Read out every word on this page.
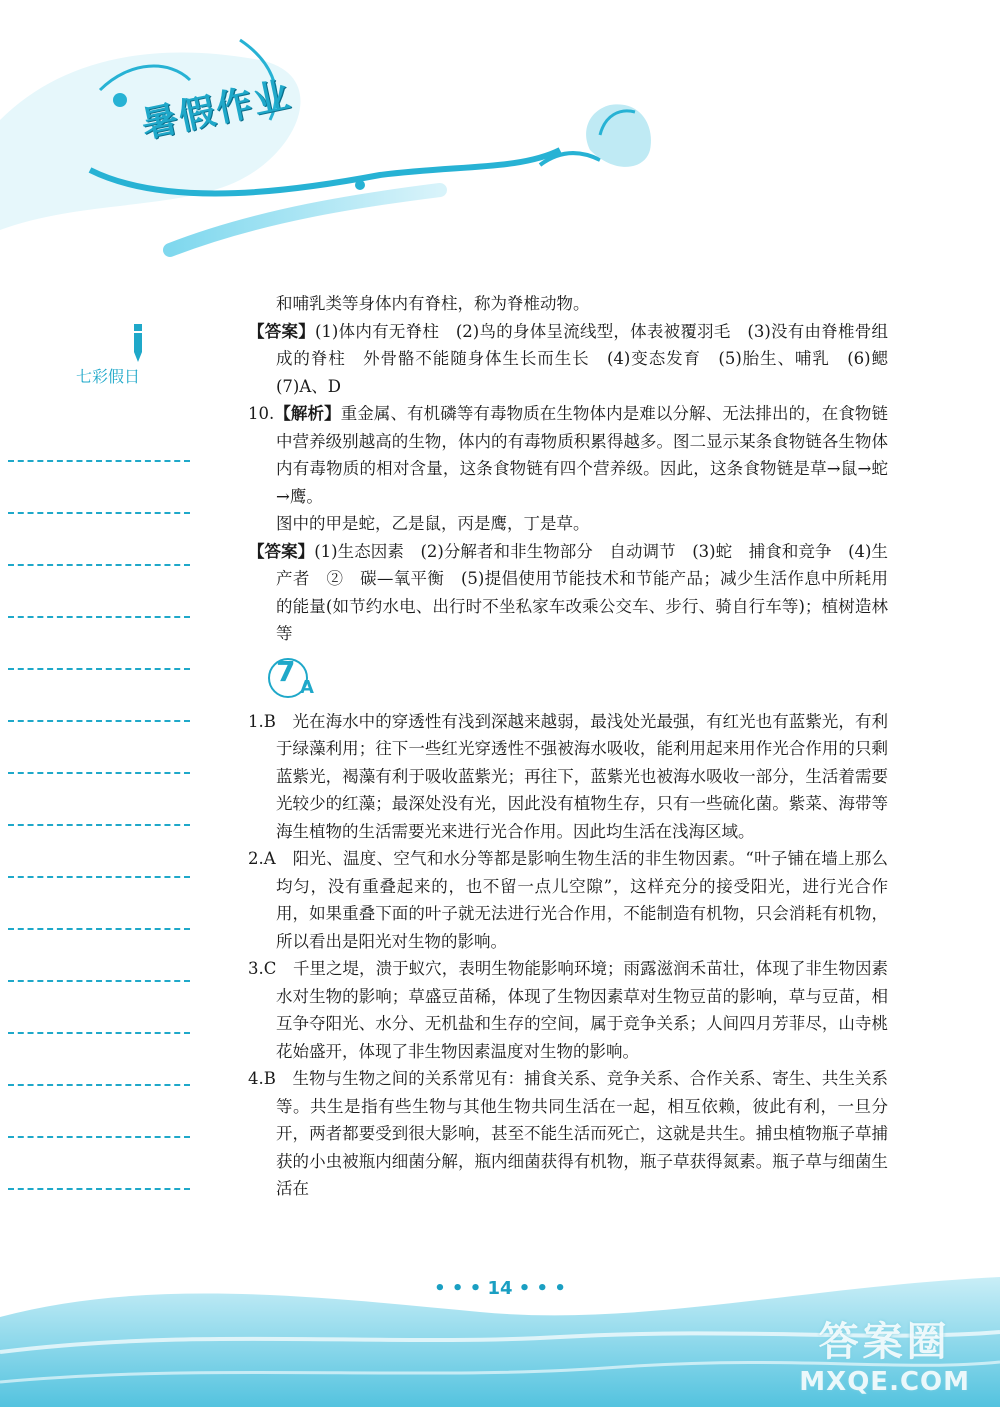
暑假作业
七彩假日

和哺乳类等身体内有脊柱，称为脊椎动物。

【答案】(1)体内有无脊柱　(2)鸟的身体呈流线型，体表被覆羽毛　(3)没有由脊椎骨组成的脊柱　外骨骼不能随身体生长而生长　(4)变态发育　(5)胎生、哺乳　(6)鳃　(7)A、D

10.【解析】重金属、有机磷等有毒物质在生物体内是难以分解、无法排出的，在食物链中营养级别越高的生物，体内的有毒物质积累得越多。图二显示某条食物链各生物体内有毒物质的相对含量，这条食物链有四个营养级。因此，这条食物链是草→鼠→蛇→鹰。

图中的甲是蛇，乙是鼠，丙是鹰，丁是草。

【答案】(1)生态因素　(2)分解者和非生物部分　自动调节　(3)蛇　捕食和竞争　(4)生产者　②　碳—氧平衡　(5)提倡使用节能技术和节能产品；减少生活作息中所耗用的能量(如节约水电、出行时不坐私家车改乘公交车、步行、骑自行车等)；植树造林等

7 A

1.B　 光在海水中的穿透性有浅到深越来越弱，最浅处光最强，有红光也有蓝紫光，有利于绿藻利用；往下一些红光穿透性不强被海水吸收，能利用起来用作光合作用的只剩蓝紫光，褐藻有利于吸收蓝紫光；再往下，蓝紫光也被海水吸收一部分，生活着需要光较少的红藻；最深处没有光，因此没有植物生存，只有一些硫化菌。紫菜、海带等海生植物的生活需要光来进行光合作用。因此均生活在浅海区域。

2.A　 阳光、温度、空气和水分等都是影响生物生活的非生物因素。“叶子铺在墙上那么均匀，没有重叠起来的，也不留一点儿空隙”，这样充分的接受阳光，进行光合作用，如果重叠下面的叶子就无法进行光合作用，不能制造有机物，只会消耗有机物，所以看出是阳光对生物的影响。

3.C　 千里之堤，溃于蚁穴，表明生物能影响环境；雨露滋润禾苗壮，体现了非生物因素水对生物的影响；草盛豆苗稀，体现了生物因素草对生物豆苗的影响，草与豆苗，相互争夺阳光、水分、无机盐和生存的空间，属于竞争关系；人间四月芳菲尽，山寺桃花始盛开，体现了非生物因素温度对生物的影响。

4.B　 生物与生物之间的关系常见有：捕食关系、竞争关系、合作关系、寄生、共生关系等。共生是指有些生物与其他生物共同生活在一起，相互依赖，彼此有利，一旦分开，两者都要受到很大影响，甚至不能生活而死亡，这就是共生。捕虫植物瓶子草捕获的小虫被瓶内细菌分解，瓶内细菌获得有机物，瓶子草获得氮素。瓶子草与细菌生活在

• • • 14 • • •
答案圈
MXQE.COM
